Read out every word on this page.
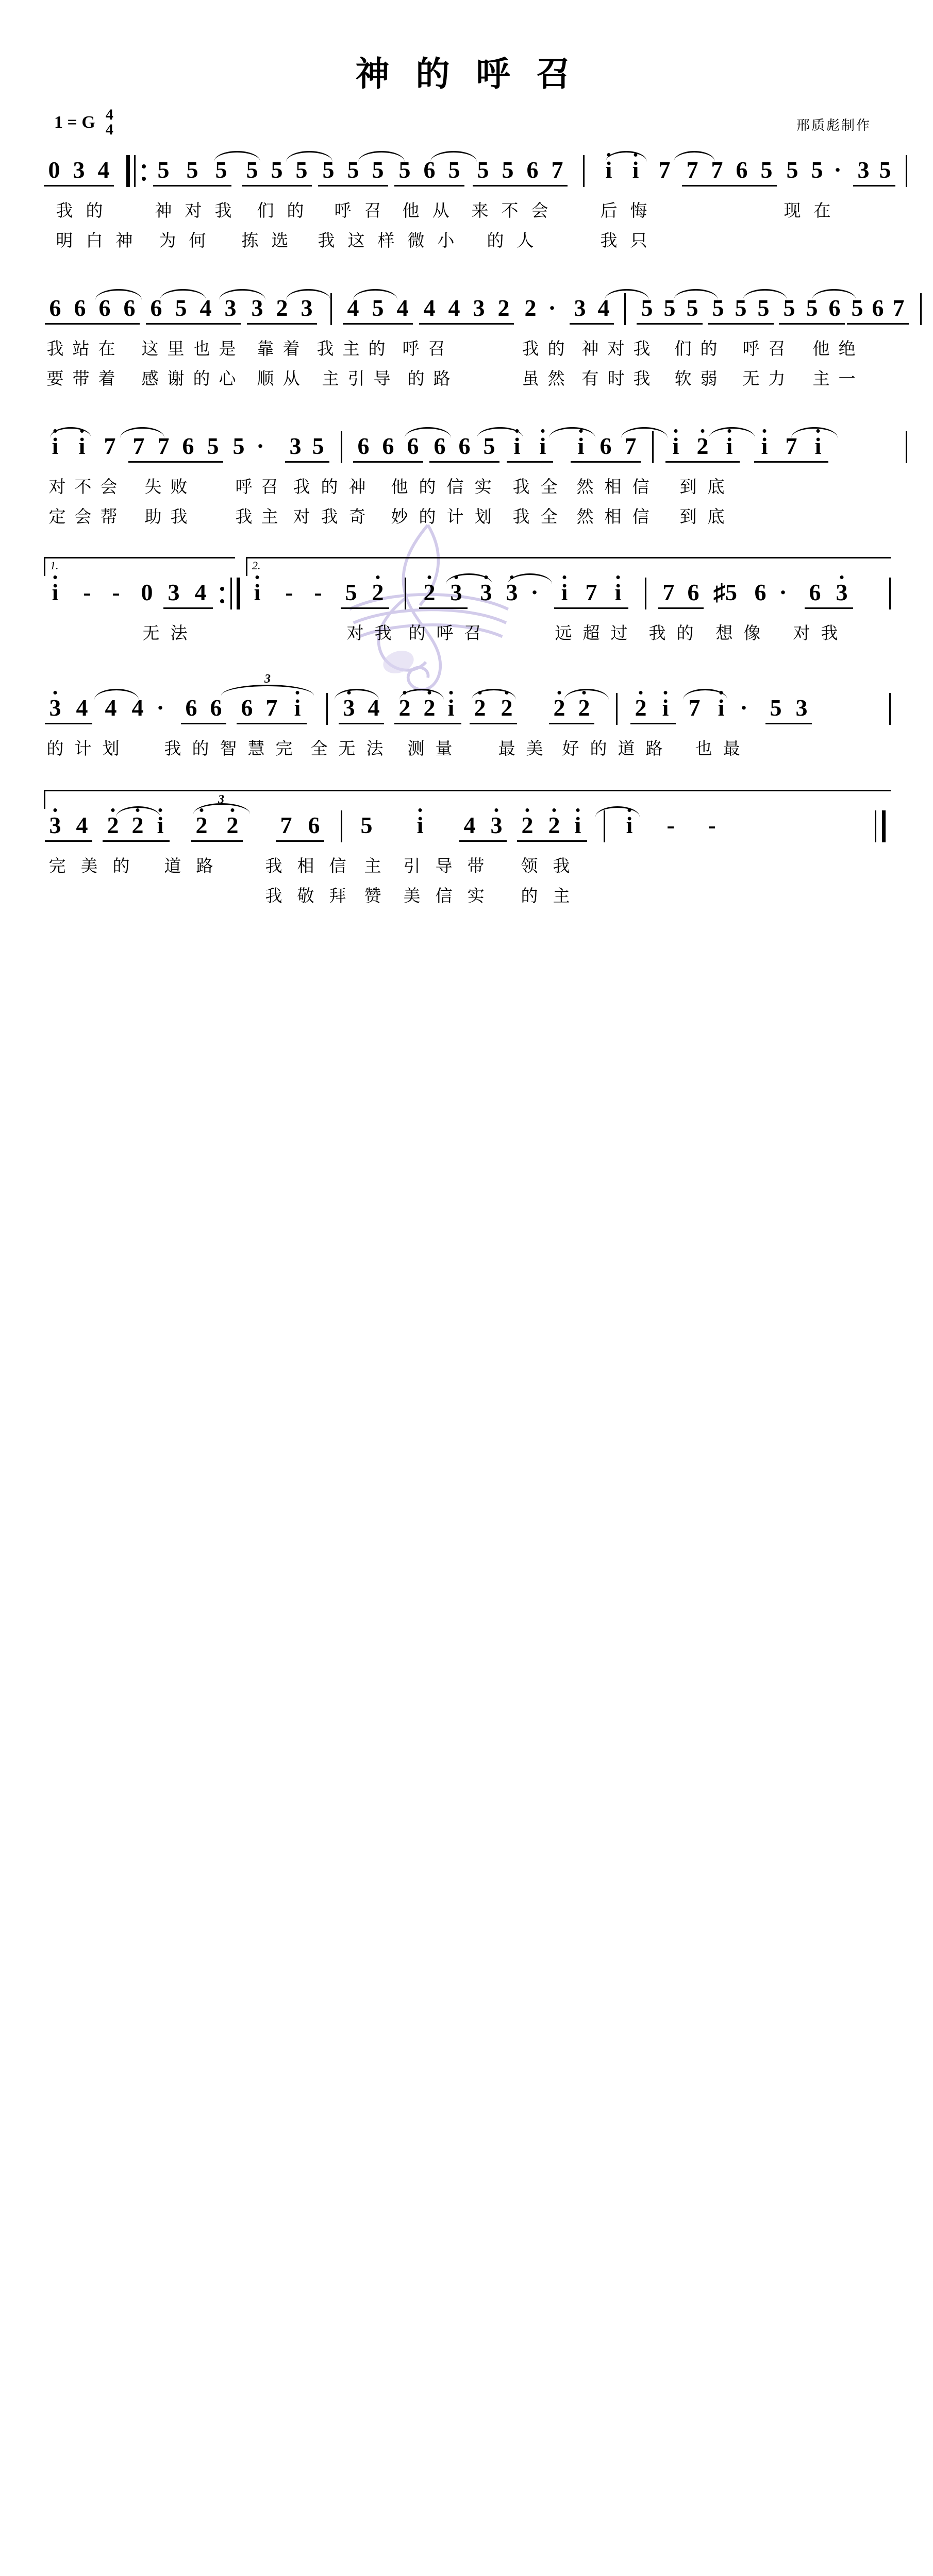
神 的 呼 召
1 = G 4
4	邢质彪制作

0

3

4

5

5

5

5

5

5

5

5

5

5

6

5

5

5

6

7

i

i

7

7

7

6

5

5

5

·

3

5

我

的

	神

对

我

们

的

呼

召

他

从

来

不

会

	后

悔

	现

在

明

白

神

为

何

拣

选

我

这

样

微

小

的

人

	我

只

6

6

6

6

6

5

4

3

3

2

3

4

5

4

4

4

3

2

2

·

3

4

5

5

5

5

5

5

5

5

6

5

6

7

我

站

在

这

里

也

是

靠

着

我

主

的

呼

召

	我

的

神

对

我

们

的

呼

召

他

绝

要

带

着

感

谢

的

心

顺

从

主

引

导

的

路

	虽

然

有

时

我

软

弱

无

力

主

一

i

i

7

7

7

6

5

5

·

3

5

6

6

6

6

6

5

i

i

i

6

7

i

2

i

i

7

i

对

不

会

失

败

	呼

召

我

的

神

他

的

信

实

我

全

然

相

信

到

底

定

会

帮

助

我

	我

主

对

我

奇

妙

的

计

划

我

全

然

相

信

到

底

1.	2.

i

-

-

0

3

4

i

-

-

5

2

2

3

3

3

·

i

7

i

7

6

♯5

6

·

6

3

无

法

	对

我

的

呼

召

	远

超

过

我

的

想

像

对

我

3

3

4

4

4

·

6

6

6

7

i

3

4

2

2

i

2

2

2

2

2

i

7

i

·

5

3

的

计

划

	我

的

智

慧

完

全

无

法

测

量

	最

美

好

的

道

路

也

最

3

3

4

2

2

i

2

2

7

6

5

i

4

3

2

2

i

i

-

-

完

美

的

道

路

	我

相

信

主

引

导

带

领

我

我

敬

拜

赞

美

信

实

的

主
